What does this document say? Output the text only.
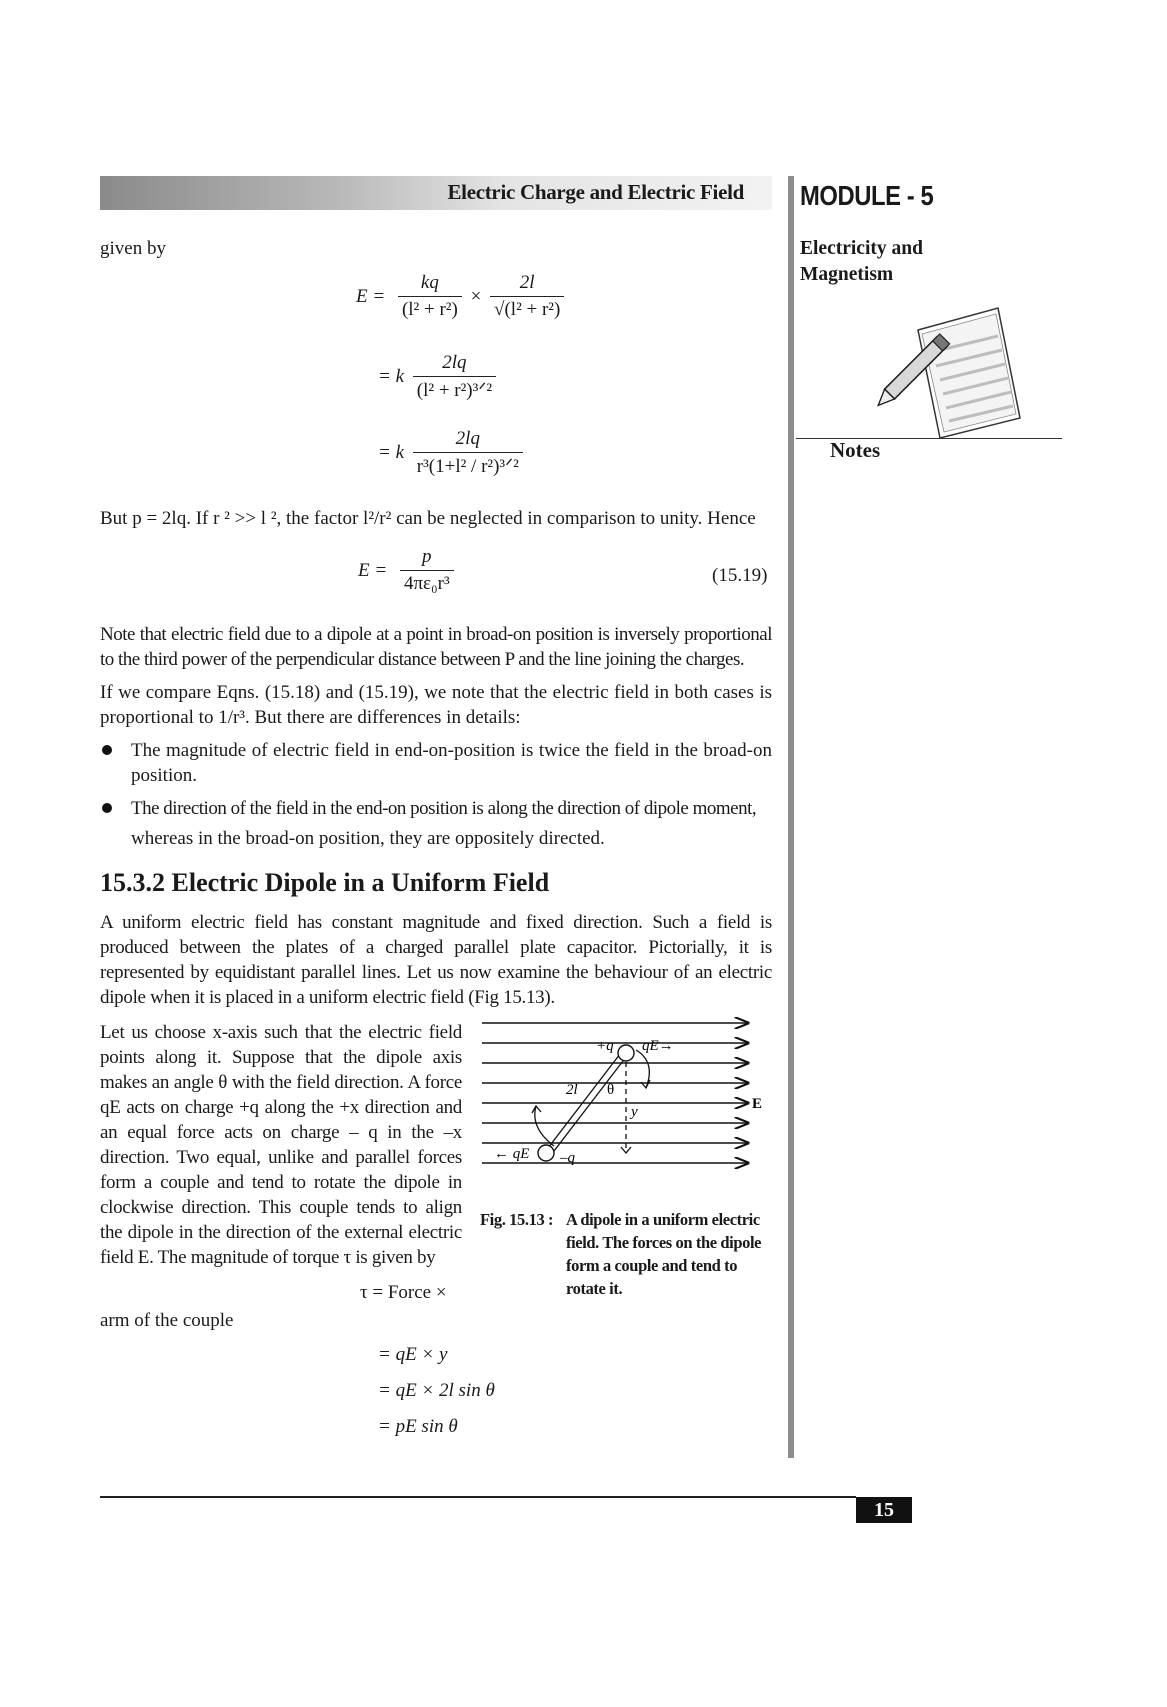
Electric Charge and Electric Field MODULE - 5
Electricity and
Magnetism
Notes
given by
$E = \frac{kq}{\text{(l² + r²)}} \times \frac{2l}{\text{√(l² + r²)}}$
= k $\frac{2lq}{\text{(l² + r²)³ᐟ²}}$
= k $\frac{2lq}{\text{r³(1+l² / r²)³ᐟ²}}$
But p = 2lq. If r ² >> l ², the factor l²/r² can be neglected in comparison to unity. Hence
$E = \frac{p}{\text{4πε₀r³}}$	(15.19)
Note that electric field due to a dipole at a point in broad-on position is inversely proportional to the third power of the perpendicular distance between P and the line joining the charges.
If we compare Eqns. (15.18) and (15.19), we note that the electric field in both cases is proportional to 1/r³. But there are differences in details:
The magnitude of electric field in end-on-position is twice the field in the broad-on position.
The direction of the field in the end-on position is along the direction of dipole moment,
whereas in the broad-on position, they are oppositely directed.
15.3.2 Electric Dipole in a Uniform Field
A uniform electric field has constant magnitude and fixed direction. Such a field is produced between the plates of a charged parallel plate capacitor. Pictorially, it is represented by equidistant parallel lines. Let us now examine the behaviour of an electric dipole when it is placed in a uniform electric field (Fig 15.13).
Let us choose x-axis such that the electric field points along it. Suppose that the dipole axis makes an angle θ with the field direction. A force qE acts on charge +q along the +x direction and an equal force acts on charge – q in the –x direction. Two equal, unlike and parallel forces form a couple and tend to rotate the dipole in clockwise direction. This couple tends to align the dipole in the direction of the external electric field E. The magnitude of torque τ is given by
τ = Force ×
arm of the couple
= qE × y
= qE × 2l sin θ
= pE sin θ
+q qE→
2l θ
y	E
← qE –q
Fig. 15.13 : A dipole in a uniform electric field. The forces on the dipole form a couple and tend to rotate it.
15
